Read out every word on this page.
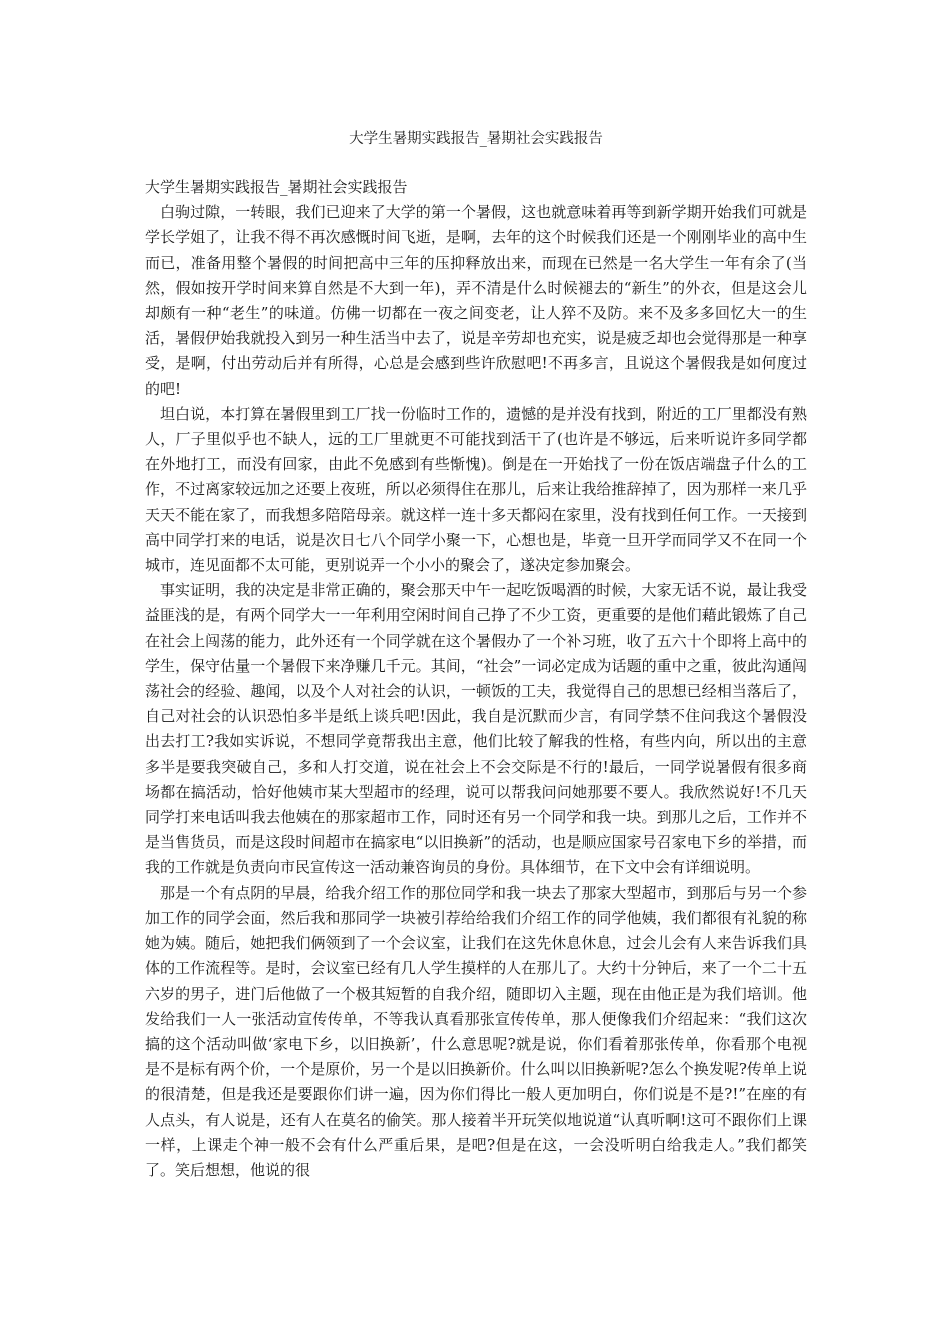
大学生暑期实践报告_暑期社会实践报告

大学生暑期实践报告_暑期社会实践报告

白驹过隙，一转眼，我们已迎来了大学的第一个暑假，这也就意味着再等到新学期开始我们可就是学长学姐了，让我不得不再次感慨时间飞逝，是啊，去年的这个时候我们还是一个刚刚毕业的高中生而已，准备用整个暑假的时间把高中三年的压抑释放出来，而现在已然是一名大学生一年有余了(当然，假如按开学时间来算自然是不大到一年)，弄不清是什么时候褪去的“新生”的外衣，但是这会儿却颇有一种“老生”的味道。仿佛一切都在一夜之间变老，让人猝不及防。来不及多多回忆大一的生活，暑假伊始我就投入到另一种生活当中去了，说是辛劳却也充实，说是疲乏却也会觉得那是一种享受，是啊，付出劳动后并有所得，心总是会感到些许欣慰吧!不再多言，且说这个暑假我是如何度过的吧!

坦白说，本打算在暑假里到工厂找一份临时工作的，遗憾的是并没有找到，附近的工厂里都没有熟人，厂子里似乎也不缺人，远的工厂里就更不可能找到活干了(也许是不够远，后来听说许多同学都在外地打工，而没有回家，由此不免感到有些惭愧)。倒是在一开始找了一份在饭店端盘子什么的工作，不过离家较远加之还要上夜班，所以必须得住在那儿，后来让我给推辞掉了，因为那样一来几乎天天不能在家了，而我想多陪陪母亲。就这样一连十多天都闷在家里，没有找到任何工作。一天接到高中同学打来的电话，说是次日七八个同学小聚一下，心想也是，毕竟一旦开学而同学又不在同一个城市，连见面都不太可能，更别说弄一个小小的聚会了，遂决定参加聚会。

事实证明，我的决定是非常正确的，聚会那天中午一起吃饭喝酒的时候，大家无话不说，最让我受益匪浅的是，有两个同学大一一年利用空闲时间自己挣了不少工资，更重要的是他们藉此锻炼了自己在社会上闯荡的能力，此外还有一个同学就在这个暑假办了一个补习班，收了五六十个即将上高中的学生，保守估量一个暑假下来净赚几千元。其间，“社会”一词必定成为话题的重中之重，彼此沟通闯荡社会的经验、趣闻，以及个人对社会的认识，一顿饭的工夫，我觉得自己的思想已经相当落后了，自己对社会的认识恐怕多半是纸上谈兵吧!因此，我自是沉默而少言，有同学禁不住问我这个暑假没出去打工?我如实诉说，不想同学竟帮我出主意，他们比较了解我的性格，有些内向，所以出的主意多半是要我突破自己，多和人打交道，说在社会上不会交际是不行的!最后，一同学说暑假有很多商场都在搞活动，恰好他姨市某大型超市的经理，说可以帮我问问她那要不要人。我欣然说好!不几天同学打来电话叫我去他姨在的那家超市工作，同时还有另一个同学和我一块。到那儿之后，工作并不是当售货员，而是这段时间超市在搞家电“以旧换新”的活动，也是顺应国家号召家电下乡的举措，而我的工作就是负责向市民宣传这一活动兼咨询员的身份。具体细节，在下文中会有详细说明。

那是一个有点阴的早晨，给我介绍工作的那位同学和我一块去了那家大型超市，到那后与另一个参加工作的同学会面，然后我和那同学一块被引荐给给我们介绍工作的同学他姨，我们都很有礼貌的称她为姨。随后，她把我们俩领到了一个会议室，让我们在这先休息休息，过会儿会有人来告诉我们具体的工作流程等。是时，会议室已经有几人学生摸样的人在那儿了。大约十分钟后，来了一个二十五六岁的男子，进门后他做了一个极其短暂的自我介绍，随即切入主题，现在由他正是为我们培训。他发给我们一人一张活动宣传传单，不等我认真看那张宣传传单，那人便像我们介绍起来：“我们这次搞的这个活动叫做‘家电下乡，以旧换新’，什么意思呢?就是说，你们看着那张传单，你看那个电视是不是标有两个价，一个是原价，另一个是以旧换新价。什么叫以旧换新呢?怎么个换发呢?传单上说的很清楚，但是我还是要跟你们讲一遍，因为你们得比一般人更加明白，你们说是不是?!”在座的有人点头，有人说是，还有人在莫名的偷笑。那人接着半开玩笑似地说道“认真听啊!这可不跟你们上课一样，上课走个神一般不会有什么严重后果，是吧?但是在这，一会没听明白给我走人。”我们都笑了。笑后想想，他说的很
